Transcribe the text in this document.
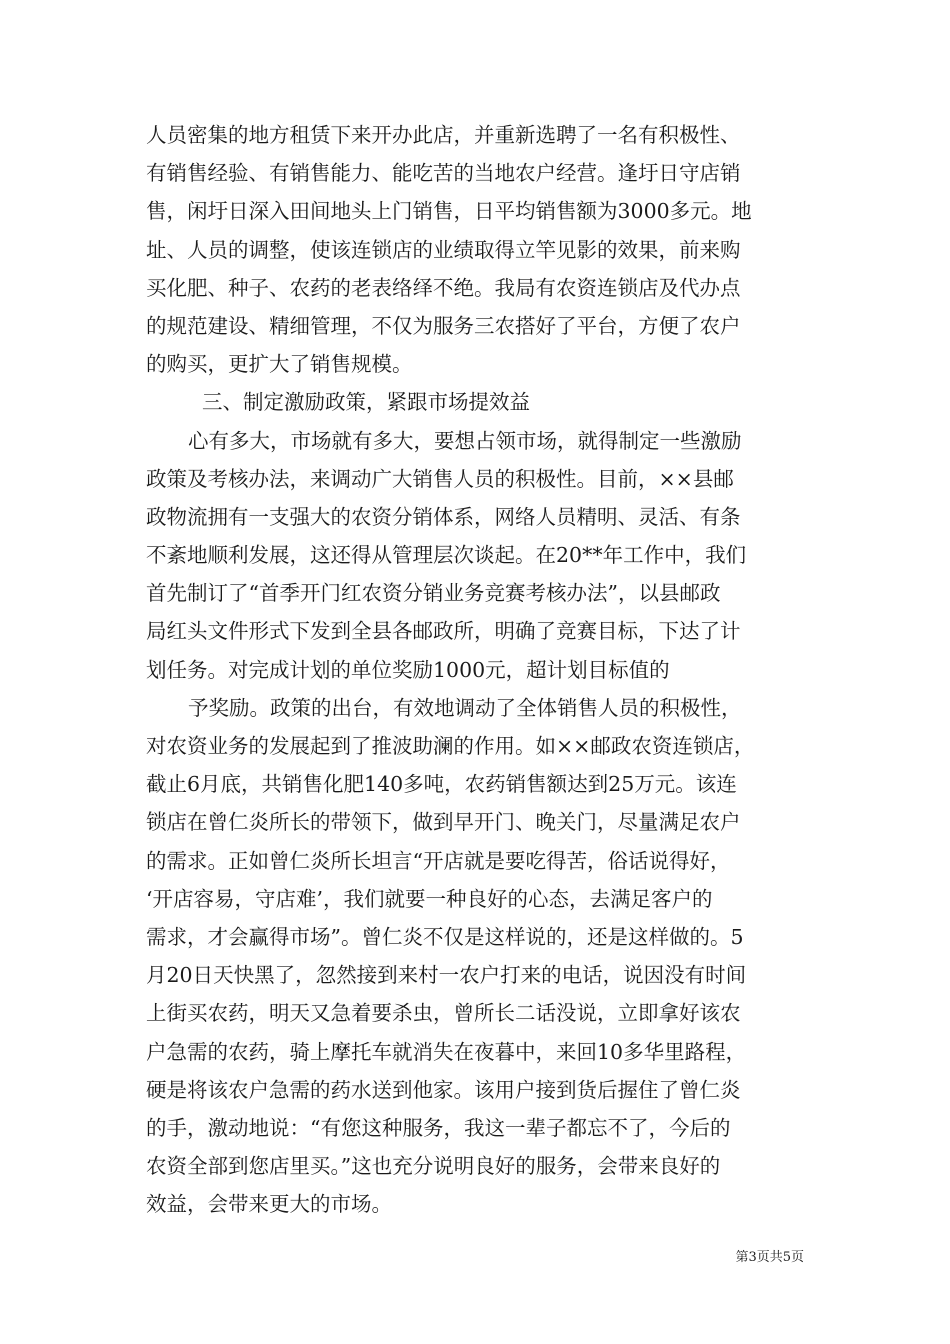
人员密集的地方租赁下来开办此店，并重新选聘了一名有积极性、
有销售经验、有销售能力、能吃苦的当地农户经营。逢圩日守店销
售，闲圩日深入田间地头上门销售，日平均销售额为3000多元。地
址、人员的调整，使该连锁店的业绩取得立竿见影的效果，前来购
买化肥、种子、农药的老表络绎不绝。我局有农资连锁店及代办点
的规范建设、精细管理，不仅为服务三农搭好了平台，方便了农户
的购买，更扩大了销售规模。
三、制定激励政策，紧跟市场提效益
心有多大，市场就有多大，要想占领市场，就得制定一些激励
政策及考核办法，来调动广大销售人员的积极性。目前，××县邮
政物流拥有一支强大的农资分销体系，网络人员精明、灵活、有条
不紊地顺利发展，这还得从管理层次谈起。在20**年工作中，我们
首先制订了“首季开门红农资分销业务竞赛考核办法”，以县邮政
局红头文件形式下发到全县各邮政所，明确了竞赛目标，下达了计
划任务。对完成计划的单位奖励1000元，超计划目标值的
予奖励。政策的出台，有效地调动了全体销售人员的积极性，
对农资业务的发展起到了推波助澜的作用。如××邮政农资连锁店，
截止6月底，共销售化肥140多吨，农药销售额达到25万元。该连
锁店在曾仁炎所长的带领下，做到早开门、晚关门，尽量满足农户
的需求。正如曾仁炎所长坦言“开店就是要吃得苦，俗话说得好，
‘开店容易，守店难’，我们就要一种良好的心态，去满足客户的
需求，才会赢得市场”。曾仁炎不仅是这样说的，还是这样做的。5
月20日天快黑了，忽然接到来村一农户打来的电话，说因没有时间
上街买农药，明天又急着要杀虫，曾所长二话没说，立即拿好该农
户急需的农药，骑上摩托车就消失在夜暮中，来回10多华里路程，
硬是将该农户急需的药水送到他家。该用户接到货后握住了曾仁炎
的手，激动地说：“有您这种服务，我这一辈子都忘不了，今后的
农资全部到您店里买。”这也充分说明良好的服务，会带来良好的
效益，会带来更大的市场。
第3页共5页
